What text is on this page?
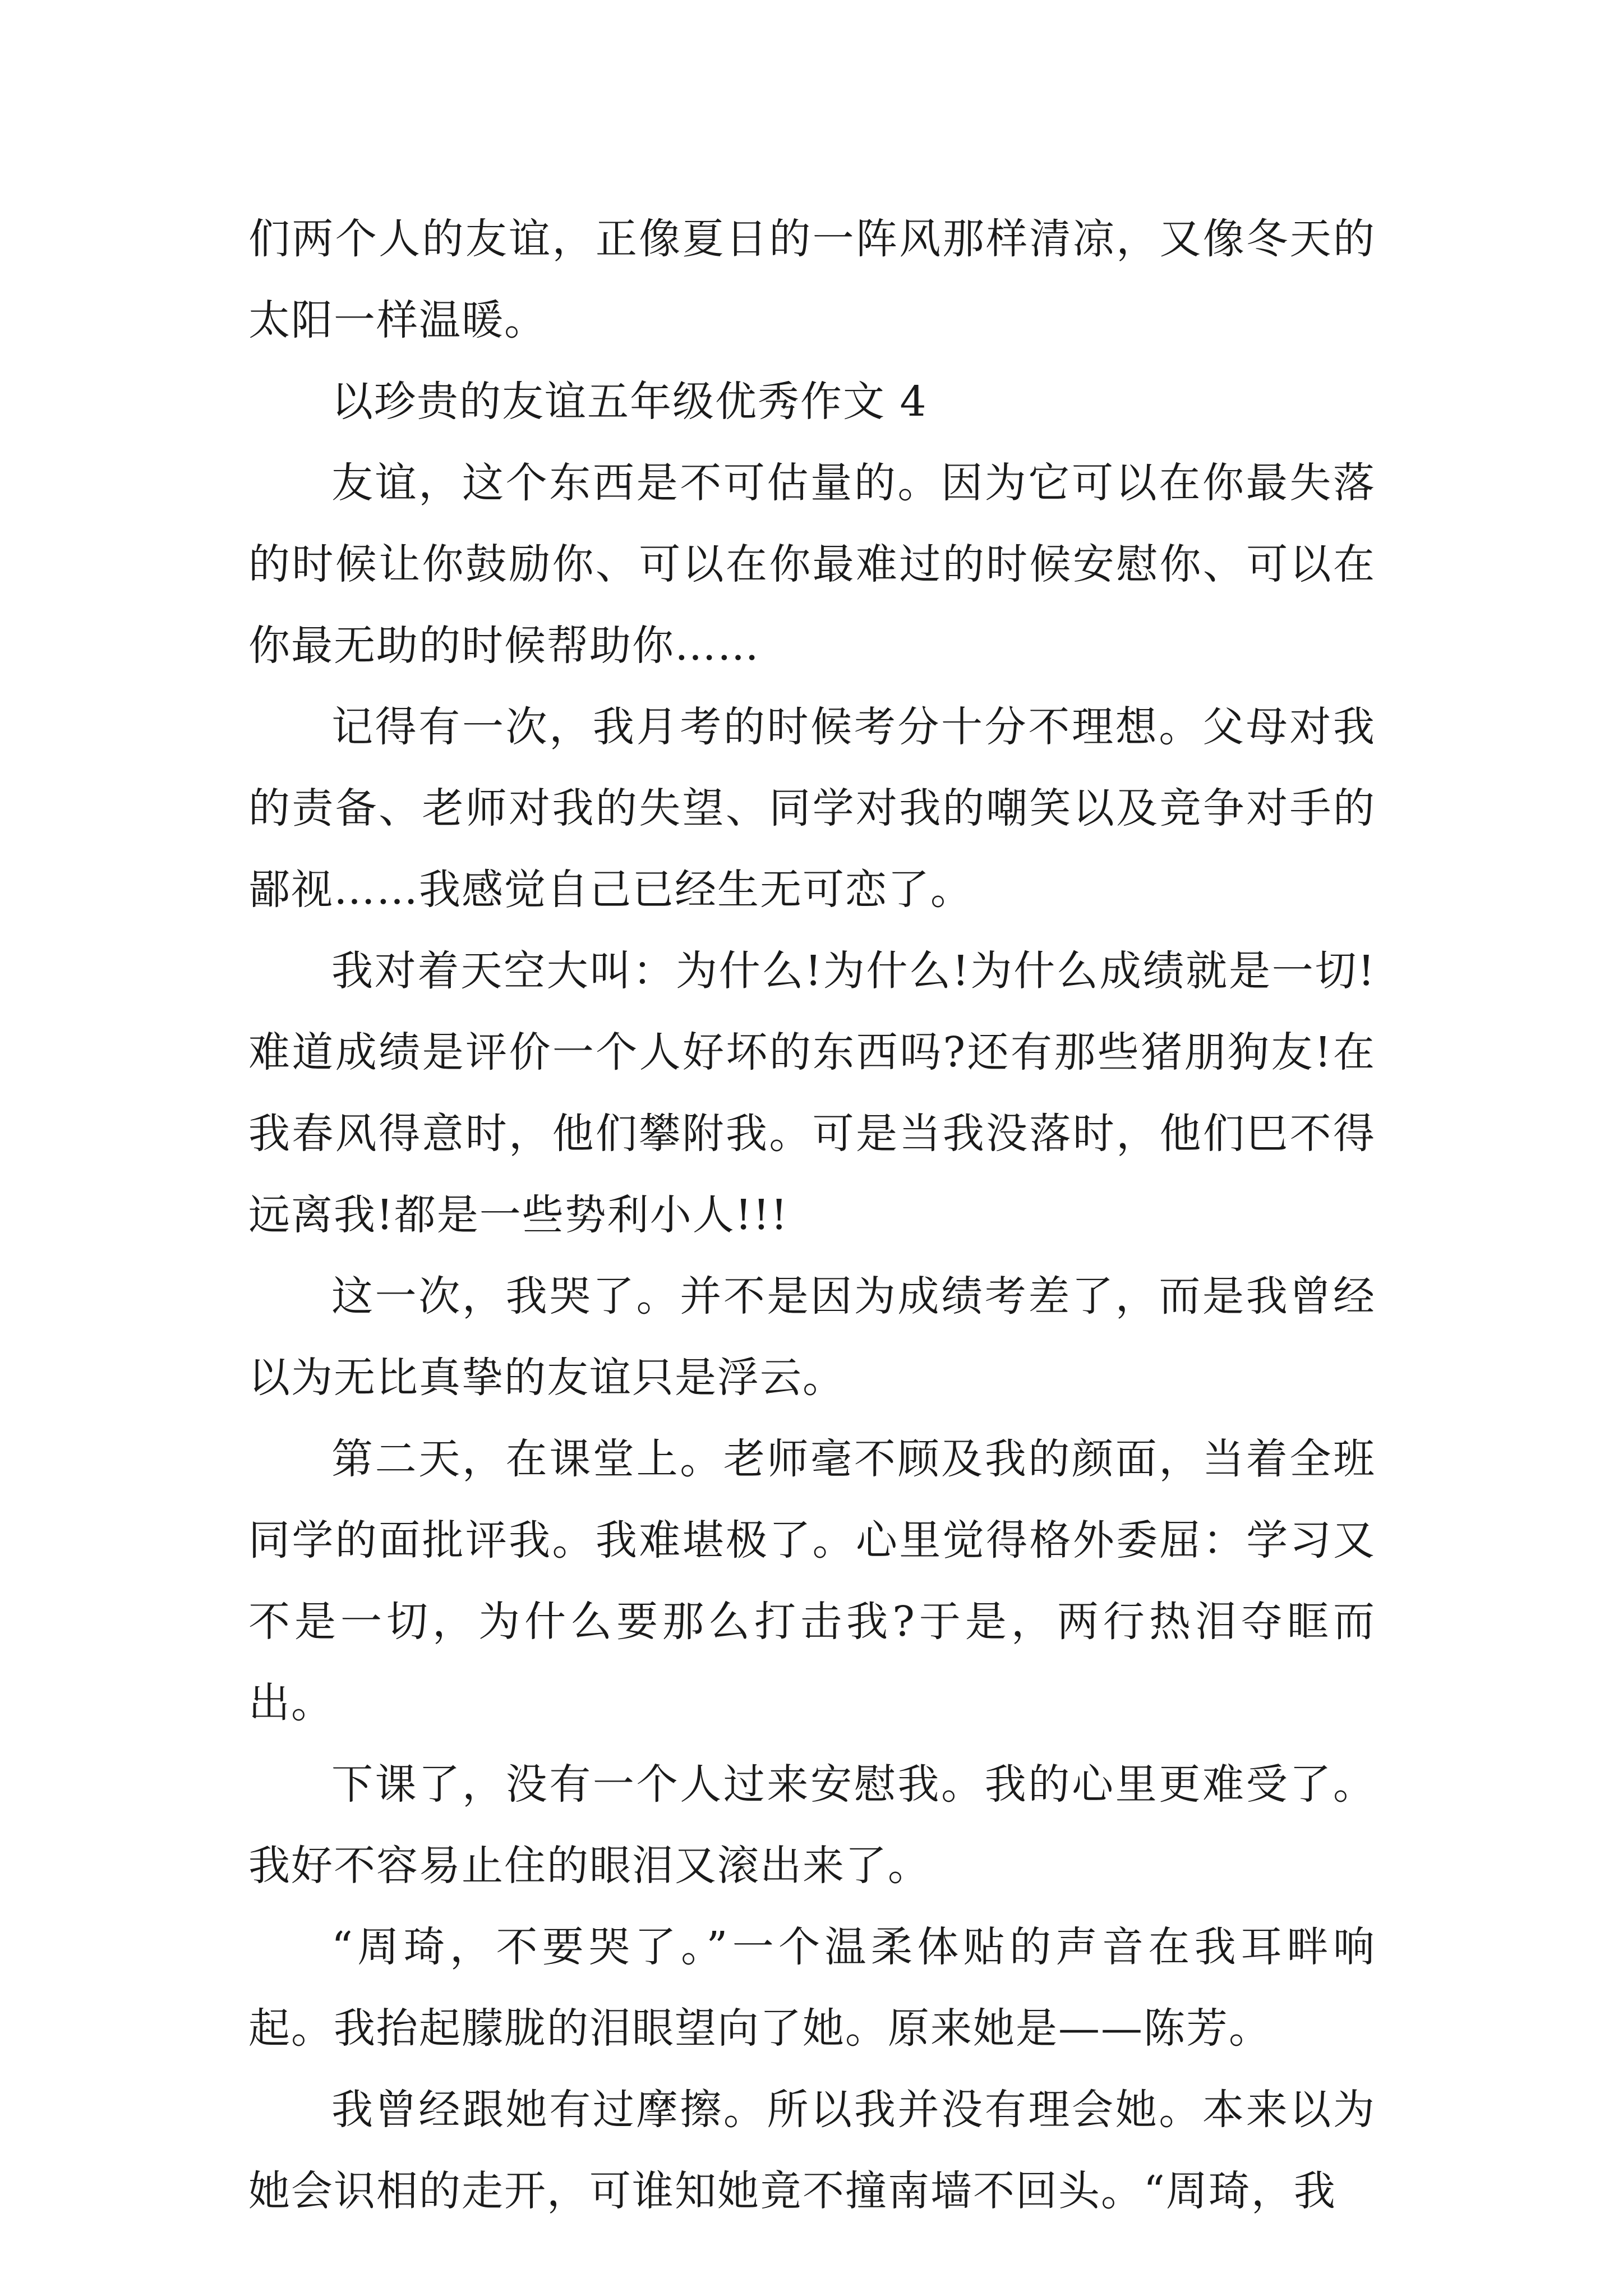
们两个人的友谊，正像夏日的一阵风那样清凉，又像冬天的太阳一样温暖。

以珍贵的友谊五年级优秀作文 4

友谊，这个东西是不可估量的。因为它可以在你最失落的时候让你鼓励你、可以在你最难过的时候安慰你、可以在你最无助的时候帮助你……

记得有一次，我月考的时候考分十分不理想。父母对我的责备、老师对我的失望、同学对我的嘲笑以及竞争对手的鄙视……我感觉自己已经生无可恋了。

我对着天空大叫：为什么!为什么!为什么成绩就是一切!难道成绩是评价一个人好坏的东西吗?还有那些猪朋狗友!在我春风得意时，他们攀附我。可是当我没落时，他们巴不得远离我!都是一些势利小人!!!

这一次，我哭了。并不是因为成绩考差了，而是我曾经以为无比真挚的友谊只是浮云。

第二天，在课堂上。老师毫不顾及我的颜面，当着全班同学的面批评我。我难堪极了。心里觉得格外委屈：学习又不是一切，为什么要那么打击我?于是，两行热泪夺眶而出。

下课了，没有一个人过来安慰我。我的心里更难受了。我好不容易止住的眼泪又滚出来了。

“周琦，不要哭了。”一个温柔体贴的声音在我耳畔响起。我抬起朦胧的泪眼望向了她。原来她是——陈芳。

我曾经跟她有过摩擦。所以我并没有理会她。本来以为她会识相的走开，可谁知她竟不撞南墙不回头。“周琦，我
